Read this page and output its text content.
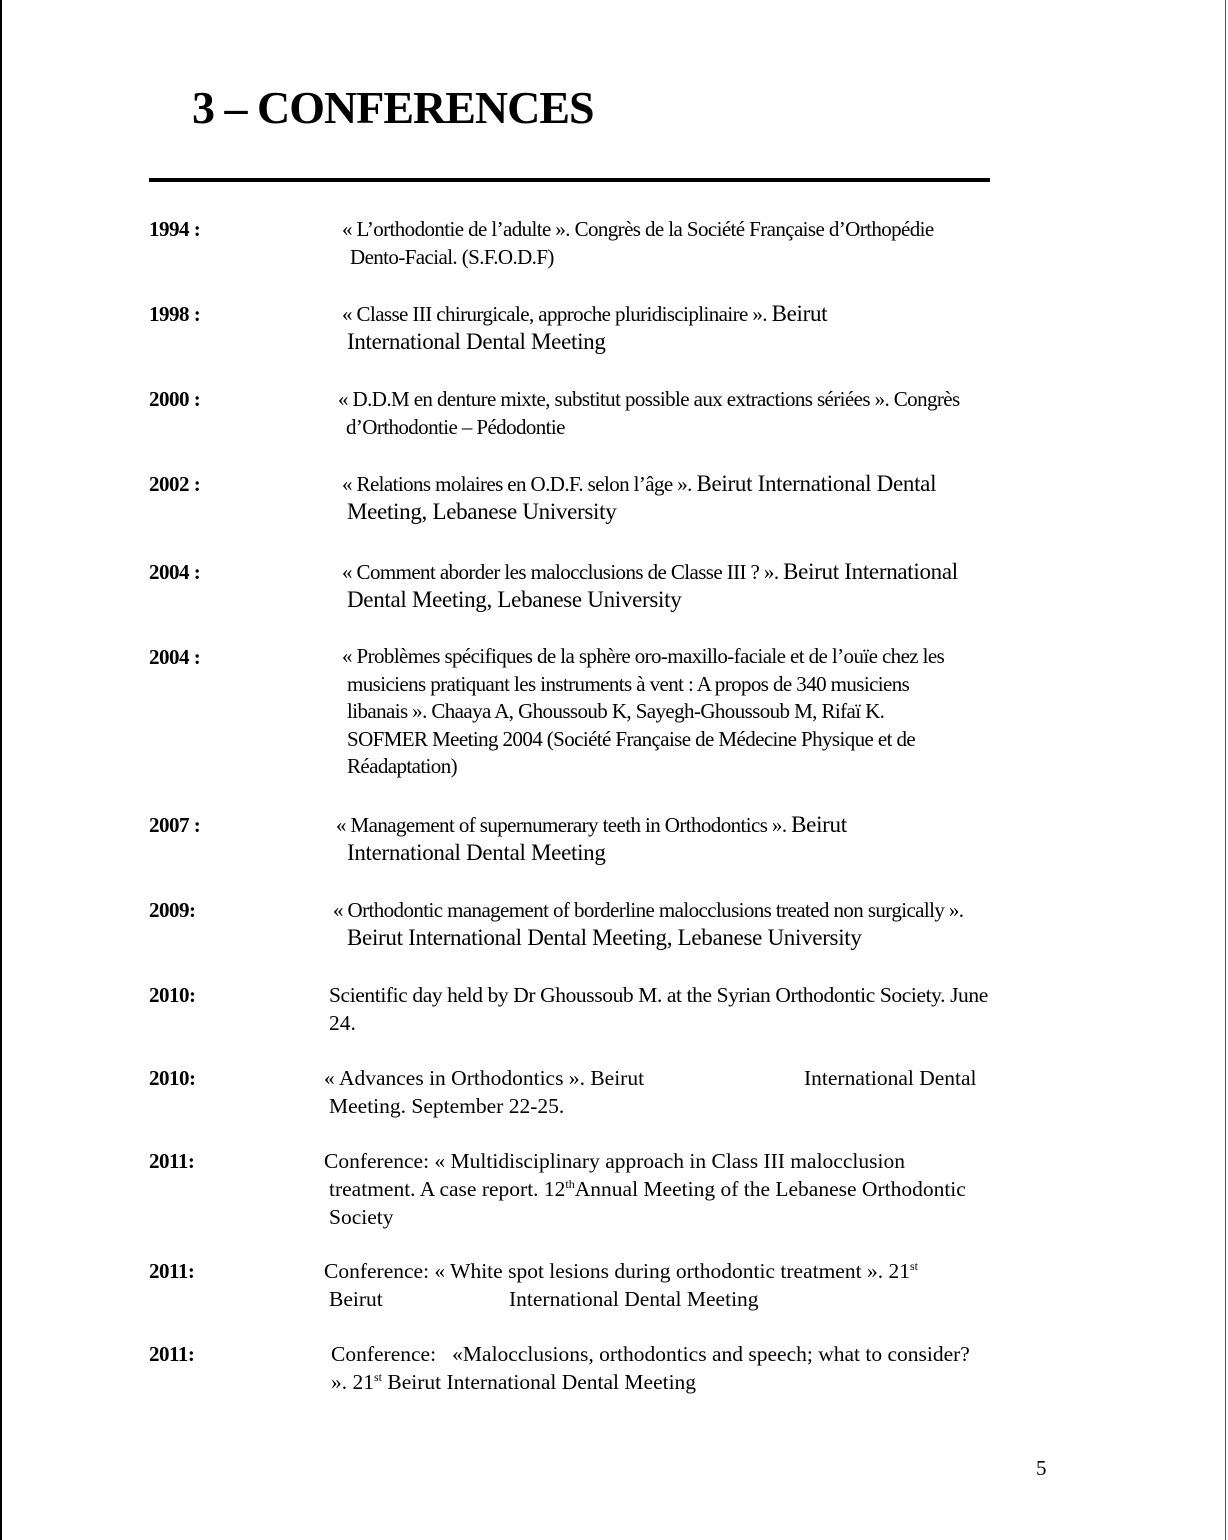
3 – CONFERENCES
1994 :	« L’orthodontie de l’adulte ». Congrès de la Société Française d’Orthopédie
Dento-Facial. (S.F.O.D.F)
1998 :	« Classe III chirurgicale, approche pluridisciplinaire ». Beirut
International Dental Meeting
2000 :	« D.D.M en denture mixte, substitut possible aux extractions sériées ». Congrès
d’Orthodontie – Pédodontie
2002 :	« Relations molaires en O.D.F. selon l’âge ». Beirut International Dental
Meeting, Lebanese University
2004 :	« Comment aborder les malocclusions de Classe III ? ». Beirut International
Dental Meeting, Lebanese University
2004 :	« Problèmes spécifiques de la sphère oro-maxillo-faciale et de l’ouïe chez les
musiciens pratiquant les instruments à vent : A propos de 340 musiciens
libanais ». Chaaya A, Ghoussoub K, Sayegh-Ghoussoub M, Rifaï K.
SOFMER Meeting 2004 (Société Française de Médecine Physique et de
Réadaptation)
2007 :	« Management of supernumerary teeth in Orthodontics ». Beirut
International Dental Meeting
2009:	« Orthodontic management of borderline malocclusions treated non surgically ».
Beirut International Dental Meeting, Lebanese University
2010:	Scientific day held by Dr Ghoussoub M. at the Syrian Orthodontic Society. June
24.
2010:	« Advances in Orthodontics ». Beirut	International Dental
Meeting. September 22-25.
2011:	Conference: « Multidisciplinary approach in Class III malocclusion
treatment. A case report. 12thAnnual Meeting of the Lebanese Orthodontic
Society
2011:	Conference: « White spot lesions during orthodontic treatment ». 21st
Beirut	International Dental Meeting
2011:	Conference:   «Malocclusions, orthodontics and speech; what to consider?
». 21st Beirut International Dental Meeting
5
